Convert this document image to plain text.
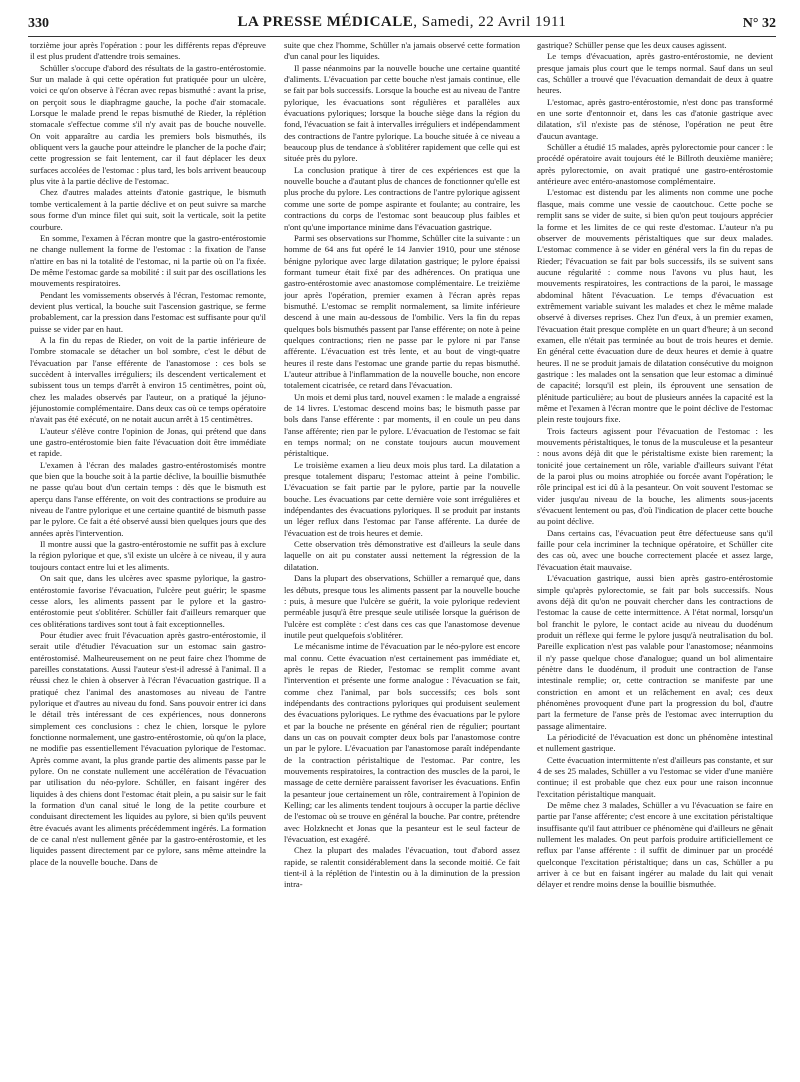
330	LA PRESSE MÉDICALE, Samedi, 22 Avril 1911	N° 32

torzième jour après l'opération : pour les différents repas d'épreuve il est plus prudent d'attendre trois semaines.

Schüller s'occupe d'abord des résultats de la gastro-entérostomie. Sur un malade à qui cette opération fut pratiquée pour un ulcère, voici ce qu'on observe à l'écran avec repas bismuthé : avant la prise, on perçoit sous le diaphragme gauche, la poche d'air stomacale. Lorsque le malade prend le repas bismuthé de Rieder, la réplétion stomacale s'effectue comme s'il n'y avait pas de bouche nouvelle. On voit apparaître au cardia les premiers bols bismuthés, ils obliquent vers la gauche pour atteindre le plancher de la poche d'air; cette progression se fait lentement, car il faut déplacer les deux surfaces accolées de l'estomac : plus tard, les bols arrivent beaucoup plus vite à la partie déclive de l'estomac.

Chez d'autres malades atteints d'atonie gastrique, le bismuth tombe verticalement à la partie déclive et on peut suivre sa marche sous forme d'un mince filet qui suit, soit la verticale, soit la petite courbure.

En somme, l'examen à l'écran montre que la gastro-entérostomie ne change nullement la forme de l'estomac : la fixation de l'anse n'attire en bas ni la totalité de l'estomac, ni la partie où on l'a fixée. De même l'estomac garde sa mobilité : il suit par des oscillations les mouvements respiratoires.

Pendant les vomissements observés à l'écran, l'estomac remonte, devient plus vertical, la bouche suit l'ascension gastrique, se ferme probablement, car la pression dans l'estomac est suffisante pour qu'il puisse se vider par en haut.

A la fin du repas de Rieder, on voit de la partie inférieure de l'ombre stomacale se détacher un bol sombre, c'est le début de l'évacuation par l'anse efférente de l'anastomose : ces bols se succèdent à intervalles irréguliers; ils descendent verticalement et subissent tous un temps d'arrêt à environ 15 centimètres, point où, chez les malades observés par l'auteur, on a pratiqué la jéjuno-jéjunostomie complémentaire. Dans deux cas où ce temps opératoire n'avait pas été exécuté, on ne notait aucun arrêt à 15 centimètres.

L'auteur s'élève contre l'opinion de Jonas, qui prétend que dans une gastro-entérostomie bien faite l'évacuation doit être immédiate et rapide.

L'examen à l'écran des malades gastro-entérostomisés montre que bien que la bouche soit à la partie déclive, la bouillie bismuthée ne passe qu'au bout d'un certain temps : dès que le bismuth est aperçu dans l'anse efférente, on voit des contractions se produire au niveau de l'antre pylorique et une certaine quantité de bismuth passe par le pylore. Ce fait a été observé aussi bien quelques jours que des années après l'intervention.

Il montre aussi que la gastro-entérostomie ne suffit pas à exclure la région pylorique et que, s'il existe un ulcère à ce niveau, il y aura toujours contact entre lui et les aliments.

On sait que, dans les ulcères avec spasme pylorique, la gastro-entérostomie favorise l'évacuation, l'ulcère peut guérir; le spasme cesse alors, les aliments passent par le pylore et la gastro-entérostomie peut s'oblitérer. Schüller fait d'ailleurs remarquer que ces oblitérations tardives sont tout à fait exceptionnelles.

Pour étudier avec fruit l'évacuation après gastro-entérostomie, il serait utile d'étudier l'évacuation sur un estomac sain gastro-entérostomisé. Malheureusement on ne peut faire chez l'homme de pareilles constatations. Aussi l'auteur s'est-il adressé à l'animal. Il a réussi chez le chien à observer à l'écran l'évacuation gastrique. Il a pratiqué chez l'animal des anastomoses au niveau de l'antre pylorique et d'autres au niveau du fond. Sans pouvoir entrer ici dans le détail très intéressant de ces expériences, nous donnerons simplement ces conclusions : chez le chien, lorsque le pylore fonctionne normalement, une gastro-entérostomie, où qu'on la place, ne modifie pas essentiellement l'évacuation pylorique de l'estomac. Après comme avant, la plus grande partie des aliments passe par le pylore. On ne constate nullement une accélération de l'évacuation par utilisation du néo-pylore. Schüller, en faisant ingérer des liquides à des chiens dont l'estomac était plein, a pu saisir sur le fait la formation d'un canal situé le long de la petite courbure et conduisant directement les liquides au pylore, si bien qu'ils peuvent être évacués avant les aliments précédemment ingérés. La formation de ce canal n'est nullement gênée par la gastro-entérostomie, et les liquides passent directement par ce pylore, sans même atteindre la place de la nouvelle bouche. Dans de

suite que chez l'homme, Schüller n'a jamais observé cette formation d'un canal pour les liquides.

Il passe néanmoins par la nouvelle bouche une certaine quantité d'aliments. L'évacuation par cette bouche n'est jamais continue, elle se fait par bols successifs. Lorsque la bouche est au niveau de l'antre pylorique, les évacuations sont régulières et parallèles aux évacuations pyloriques; lorsque la bouche siège dans la région du fond, l'évacuation se fait à intervalles irréguliers et indépendamment des contractions de l'antre pylorique. La bouche située à ce niveau a beaucoup plus de tendance à s'oblitérer rapidement que celle qui est située près du pylore.

La conclusion pratique à tirer de ces expériences est que la nouvelle bouche a d'autant plus de chances de fonctionner qu'elle est plus proche du pylore. Les contractions de l'antre pylorique agissent comme une sorte de pompe aspirante et foulante; au contraire, les contractions du corps de l'estomac sont beaucoup plus faibles et n'ont qu'une importance minime dans l'évacuation gastrique.

Parmi ses observations sur l'homme, Schüller cite la suivante : un homme de 64 ans fut opéré le 14 Janvier 1910, pour une sténose bénigne pylorique avec large dilatation gastrique; le pylore épaissi formant tumeur était fixé par des adhérences. On pratiqua une gastro-entérostomie avec anastomose complémentaire. Le treizième jour après l'opération, premier examen à l'écran après repas bismuthé. L'estomac se remplit normalement, sa limite inférieure descend à une main au-dessous de l'ombilic. Vers la fin du repas quelques bols bismuthés passent par l'anse efférente; on note à peine quelques contractions; rien ne passe par le pylore ni par l'anse afférente. L'évacuation est très lente, et au bout de vingt-quatre heures il reste dans l'estomac une grande partie du repas bismuthé. L'auteur attribue à l'inflammation de la nouvelle bouche, non encore totalement cicatrisée, ce retard dans l'évacuation.

Un mois et demi plus tard, nouvel examen : le malade a engraissé de 14 livres. L'estomac descend moins bas; le bismuth passe par bols dans l'anse efférente : par moments, il en coule un peu dans l'anse afférente; rien par le pylore. L'évacuation de l'estomac se fait en temps normal; on ne constate toujours aucun mouvement péristaltique.

Le troisième examen a lieu deux mois plus tard. La dilatation a presque totalement disparu; l'estomac atteint à peine l'ombilic. L'évacuation se fait partie par le pylore, partie par la nouvelle bouche. Les évacuations par cette dernière voie sont irrégulières et indépendantes des évacuations pyloriques. Il se produit par instants un léger reflux dans l'estomac par l'anse afférente. La durée de l'évacuation est de trois heures et demie.

Cette observation très démonstrative est d'ailleurs la seule dans laquelle on ait pu constater aussi nettement la régression de la dilatation.

Dans la plupart des observations, Schüller a remarqué que, dans les débuts, presque tous les aliments passent par la nouvelle bouche : puis, à mesure que l'ulcère se guérit, la voie pylorique redevient perméable jusqu'à être presque seule utilisée lorsque la guérison de l'ulcère est complète : c'est dans ces cas que l'anastomose devenue inutile peut quelquefois s'oblitérer.

Le mécanisme intime de l'évacuation par le néo-pylore est encore mal connu. Cette évacuation n'est certainement pas immédiate et, après le repas de Rieder, l'estomac se remplit comme avant l'intervention et présente une forme analogue : l'évacuation se fait, comme chez l'animal, par bols successifs; ces bols sont indépendants des contractions pyloriques qui produisent seulement des évacuations pyloriques. Le rythme des évacuations par le pylore et par la bouche ne présente en général rien de régulier; pourtant dans un cas on pouvait compter deux bols par l'anastomose contre un par le pylore. L'évacuation par l'anastomose paraît indépendante de la contraction péristaltique de l'estomac. Par contre, les mouvements respiratoires, la contraction des muscles de la paroi, le massage de cette dernière paraissent favoriser les évacuations. Enfin la pesanteur joue certainement un rôle, contrairement à l'opinion de Kelling; car les aliments tendent toujours à occuper la partie déclive de l'estomac où se trouve en général la bouche. Par contre, prétendre avec Holzknecht et Jonas que la pesanteur est le seul facteur de l'évacuation, est exagéré.

Chez la plupart des malades l'évacuation, tout d'abord assez rapide, se ralentit considérablement dans la seconde moitié. Ce fait tient-il à la réplétion de l'intestin ou à la diminution de la pression intra-

gastrique? Schüller pense que les deux causes agissent.

Le temps d'évacuation, après gastro-entérostomie, ne devient presque jamais plus court que le temps normal. Sauf dans un seul cas, Schüller a trouvé que l'évacuation demandait de deux à quatre heures.

L'estomac, après gastro-entérostomie, n'est donc pas transformé en une sorte d'entonnoir et, dans les cas d'atonie gastrique avec dilatation, s'il n'existe pas de sténose, l'opération ne peut être d'aucun avantage.

Schüller a étudié 15 malades, après pylorectomie pour cancer : le procédé opératoire avait toujours été le Billroth deuxième manière; après pylorectomie, on avait pratiqué une gastro-entérostomie antérieure avec entéro-anastomose complémentaire.

L'estomac est distendu par les aliments non comme une poche flasque, mais comme une vessie de caoutchouc. Cette poche se remplit sans se vider de suite, si bien qu'on peut toujours apprécier la forme et les limites de ce qui reste d'estomac. L'auteur n'a pu observer de mouvements péristaltiques que sur deux malades. L'estomac commence à se vider en général vers la fin du repas de Rieder; l'évacuation se fait par bols successifs, ils se suivent sans aucune régularité : comme nous l'avons vu plus haut, les mouvements respiratoires, les contractions de la paroi, le massage abdominal hâtent l'évacuation. Le temps d'évacuation est extrêmement variable suivant les malades et chez le même malade observé à diverses reprises. Chez l'un d'eux, à un premier examen, l'évacuation était presque complète en un quart d'heure; à un second examen, elle n'était pas terminée au bout de trois heures et demie. En général cette évacuation dure de deux heures et demie à quatre heures. Il ne se produit jamais de dilatation consécutive du moignon gastrique : les malades ont la sensation que leur estomac a diminué de capacité; lorsqu'il est plein, ils éprouvent une sensation de plénitude particulière; au bout de plusieurs années la capacité est la même et l'examen à l'écran montre que le point déclive de l'estomac plein reste toujours fixe.

Trois facteurs agissent pour l'évacuation de l'estomac : les mouvements péristaltiques, le tonus de la musculeuse et la pesanteur : nous avons déjà dit que le péristaltisme existe bien rarement; la tonicité joue certainement un rôle, variable d'ailleurs suivant l'état de la paroi plus ou moins atrophiée ou forcée avant l'opération; le rôle principal est ici dû à la pesanteur. On voit souvent l'estomac se vider jusqu'au niveau de la bouche, les aliments sous-jacents s'évacuent lentement ou pas, d'où l'indication de placer cette bouche au point déclive.

Dans certains cas, l'évacuation peut être défectueuse sans qu'il faille pour cela incriminer la technique opératoire, et Schüller cite des cas où, avec une bouche correctement placée et assez large, l'évacuation était mauvaise.

L'évacuation gastrique, aussi bien après gastro-entérostomie simple qu'après pylorectomie, se fait par bols successifs. Nous avons déjà dit qu'on ne pouvait chercher dans les contractions de l'estomac la cause de cette intermittence. A l'état normal, lorsqu'un bol franchit le pylore, le contact acide au niveau du duodénum produit un réflexe qui ferme le pylore jusqu'à neutralisation du bol. Pareille explication n'est pas valable pour l'anastomose; néanmoins il n'y passe quelque chose d'analogue; quand un bol alimentaire pénètre dans le duodénum, il produit une contraction de l'anse intestinale remplie; or, cette contraction se manifeste par une constriction en amont et un relâchement en aval; ces deux phénomènes provoquent d'une part la progression du bol, d'autre part la fermeture de l'anse près de l'estomac avec interruption du passage alimentaire.

La périodicité de l'évacuation est donc un phénomène intestinal et nullement gastrique.

Cette évacuation intermittente n'est d'ailleurs pas constante, et sur 4 de ses 25 malades, Schüller a vu l'estomac se vider d'une manière continue; il est probable que chez eux pour une raison inconnue l'excitation péristaltique manquait.

De même chez 3 malades, Schüller a vu l'évacuation se faire en partie par l'anse afférente; c'est encore à une excitation péristaltique insuffisante qu'il faut attribuer ce phénomène qui d'ailleurs ne gênait nullement les malades. On peut parfois produire artificiellement ce reflux par l'anse afférente : il suffit de diminuer par un procédé quelconque l'excitation péristaltique; dans un cas, Schüller a pu arriver à ce but en faisant ingérer au malade du lait qui venait délayer et rendre moins dense la bouillie bismuthée.
